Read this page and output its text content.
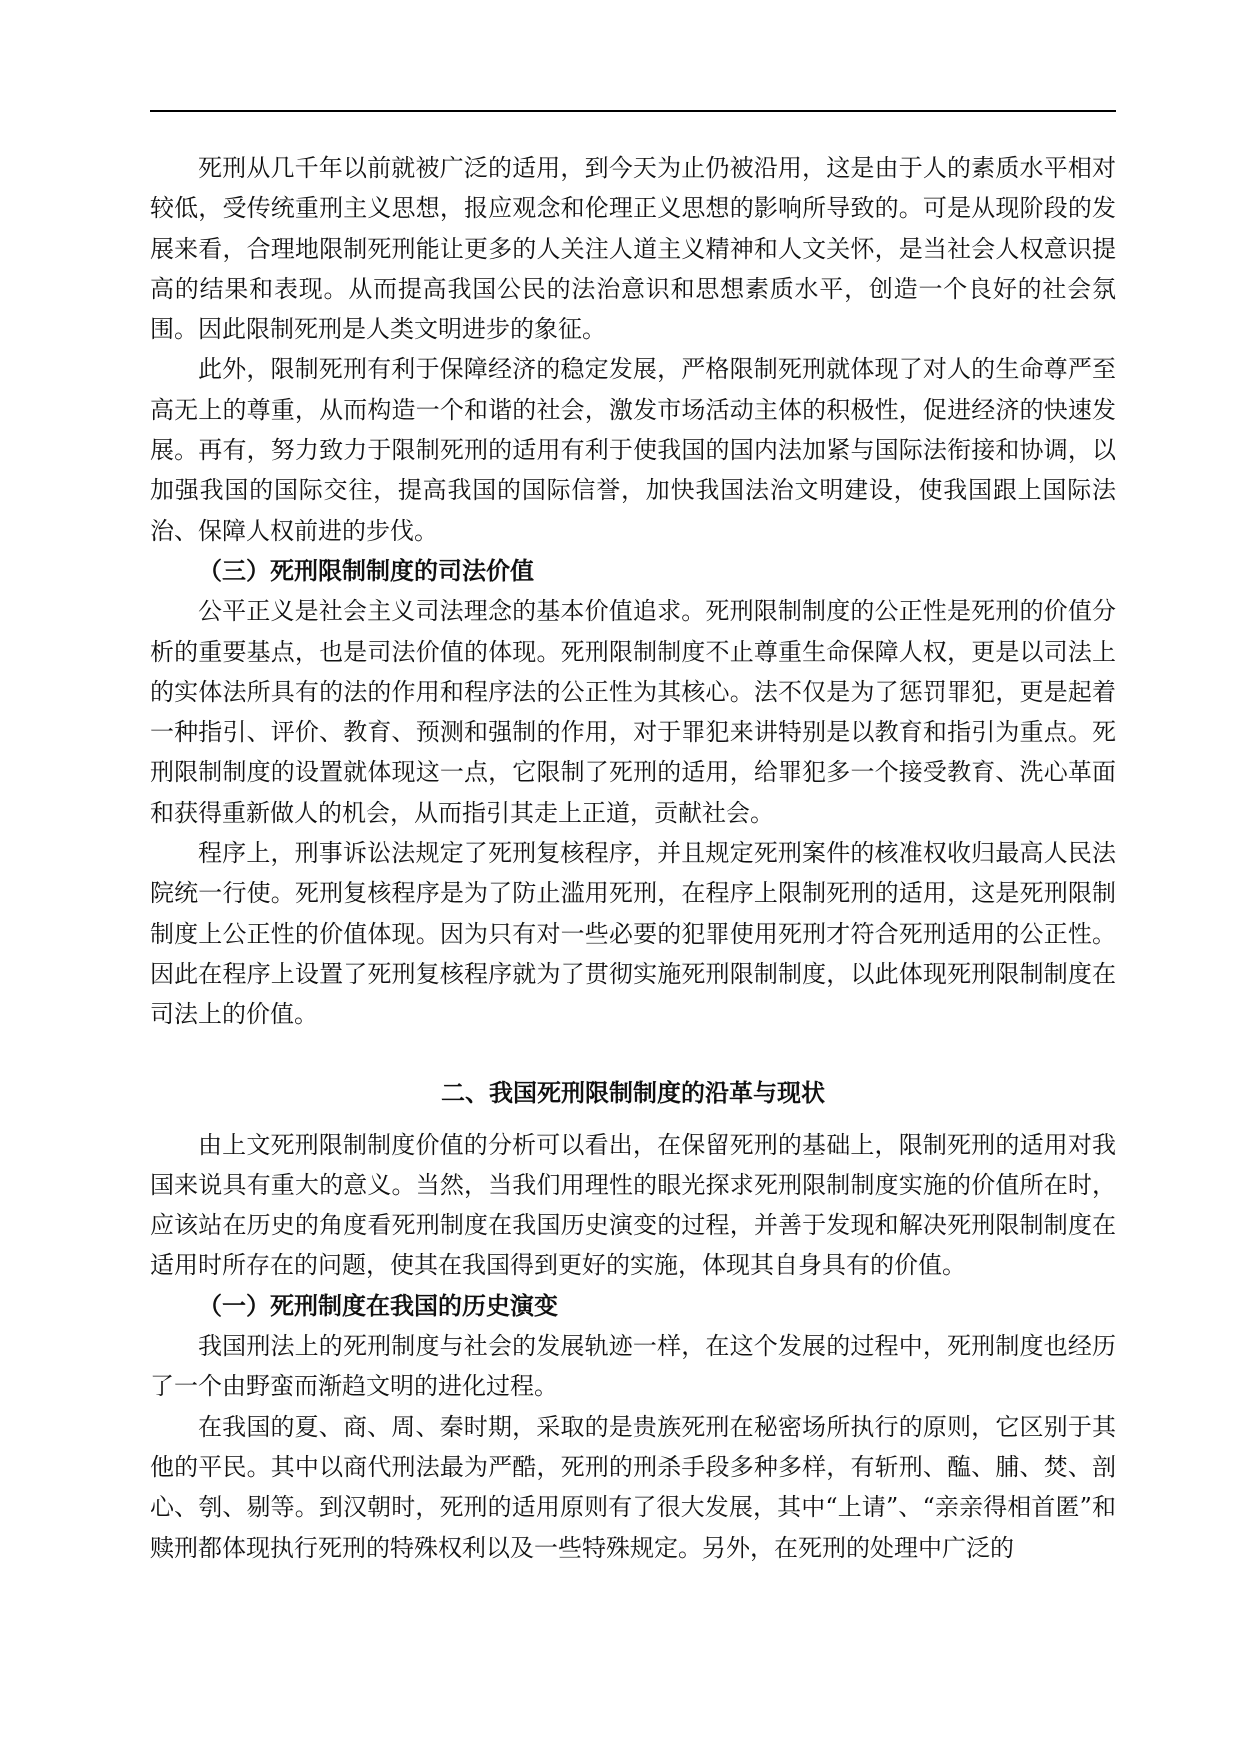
死刑从几千年以前就被广泛的适用，到今天为止仍被沿用，这是由于人的素质水平相对较低，受传统重刑主义思想，报应观念和伦理正义思想的影响所导致的。可是从现阶段的发展来看，合理地限制死刑能让更多的人关注人道主义精神和人文关怀，是当社会人权意识提高的结果和表现。从而提高我国公民的法治意识和思想素质水平，创造一个良好的社会氛围。因此限制死刑是人类文明进步的象征。

此外，限制死刑有利于保障经济的稳定发展，严格限制死刑就体现了对人的生命尊严至高无上的尊重，从而构造一个和谐的社会，激发市场活动主体的积极性，促进经济的快速发展。再有，努力致力于限制死刑的适用有利于使我国的国内法加紧与国际法衔接和协调，以加强我国的国际交往，提高我国的国际信誉，加快我国法治文明建设，使我国跟上国际法治、保障人权前进的步伐。

（三）死刑限制制度的司法价值

公平正义是社会主义司法理念的基本价值追求。死刑限制制度的公正性是死刑的价值分析的重要基点，也是司法价值的体现。死刑限制制度不止尊重生命保障人权，更是以司法上的实体法所具有的法的作用和程序法的公正性为其核心。法不仅是为了惩罚罪犯，更是起着一种指引、评价、教育、预测和强制的作用，对于罪犯来讲特别是以教育和指引为重点。死刑限制制度的设置就体现这一点，它限制了死刑的适用，给罪犯多一个接受教育、洗心革面和获得重新做人的机会，从而指引其走上正道，贡献社会。

程序上，刑事诉讼法规定了死刑复核程序，并且规定死刑案件的核准权收归最高人民法院统一行使。死刑复核程序是为了防止滥用死刑，在程序上限制死刑的适用，这是死刑限制制度上公正性的价值体现。因为只有对一些必要的犯罪使用死刑才符合死刑适用的公正性。因此在程序上设置了死刑复核程序就为了贯彻实施死刑限制制度，以此体现死刑限制制度在司法上的价值。

二、我国死刑限制制度的沿革与现状

由上文死刑限制制度价值的分析可以看出，在保留死刑的基础上，限制死刑的适用对我国来说具有重大的意义。当然，当我们用理性的眼光探求死刑限制制度实施的价值所在时，应该站在历史的角度看死刑制度在我国历史演变的过程，并善于发现和解决死刑限制制度在适用时所存在的问题，使其在我国得到更好的实施，体现其自身具有的价值。

（一）死刑制度在我国的历史演变

我国刑法上的死刑制度与社会的发展轨迹一样，在这个发展的过程中，死刑制度也经历了一个由野蛮而渐趋文明的进化过程。

在我国的夏、商、周、秦时期，采取的是贵族死刑在秘密场所执行的原则，它区别于其他的平民。其中以商代刑法最为严酷，死刑的刑杀手段多种多样，有斩刑、醢、脯、焚、剖心、刳、剔等。到汉朝时，死刑的适用原则有了很大发展，其中“上请”、“亲亲得相首匿”和赎刑都体现执行死刑的特殊权利以及一些特殊规定。另外，在死刑的处理中广泛的
